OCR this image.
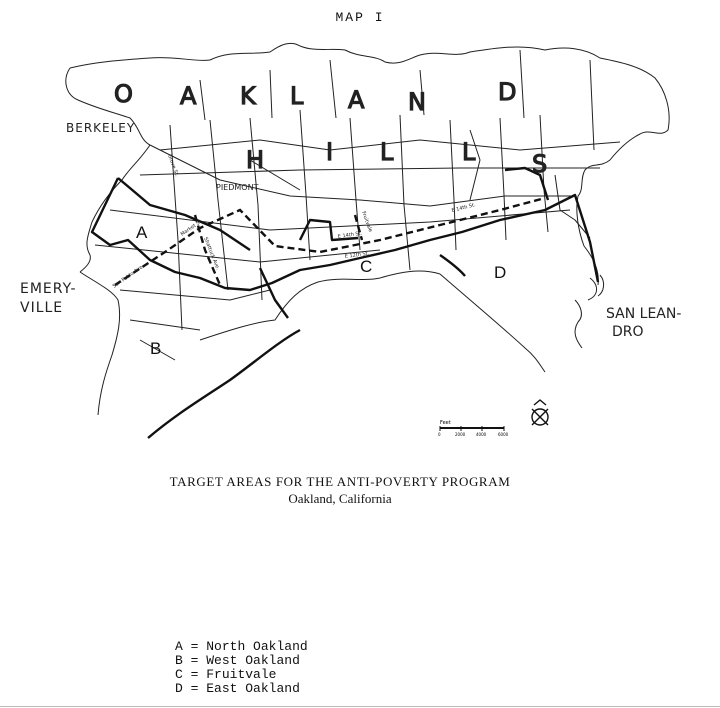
MAP I
E 14th St.
E 14th St.
E 12th St.
Grove St.
Shattuck Ave.
Fruitvale
Market St.
San Pablo Ave.
O A K L A N	D
H	I L	L S
BERKELEY
PIEDMONT
EMERY-
VILLE	SAN LEAN-
DRO
A
B
C	D
Feet
0	2000	4000	6000
TARGET AREAS FOR THE ANTI-POVERTY PROGRAM
Oakland, California
A = North Oakland
B = West Oakland
C = Fruitvale
D = East Oakland
